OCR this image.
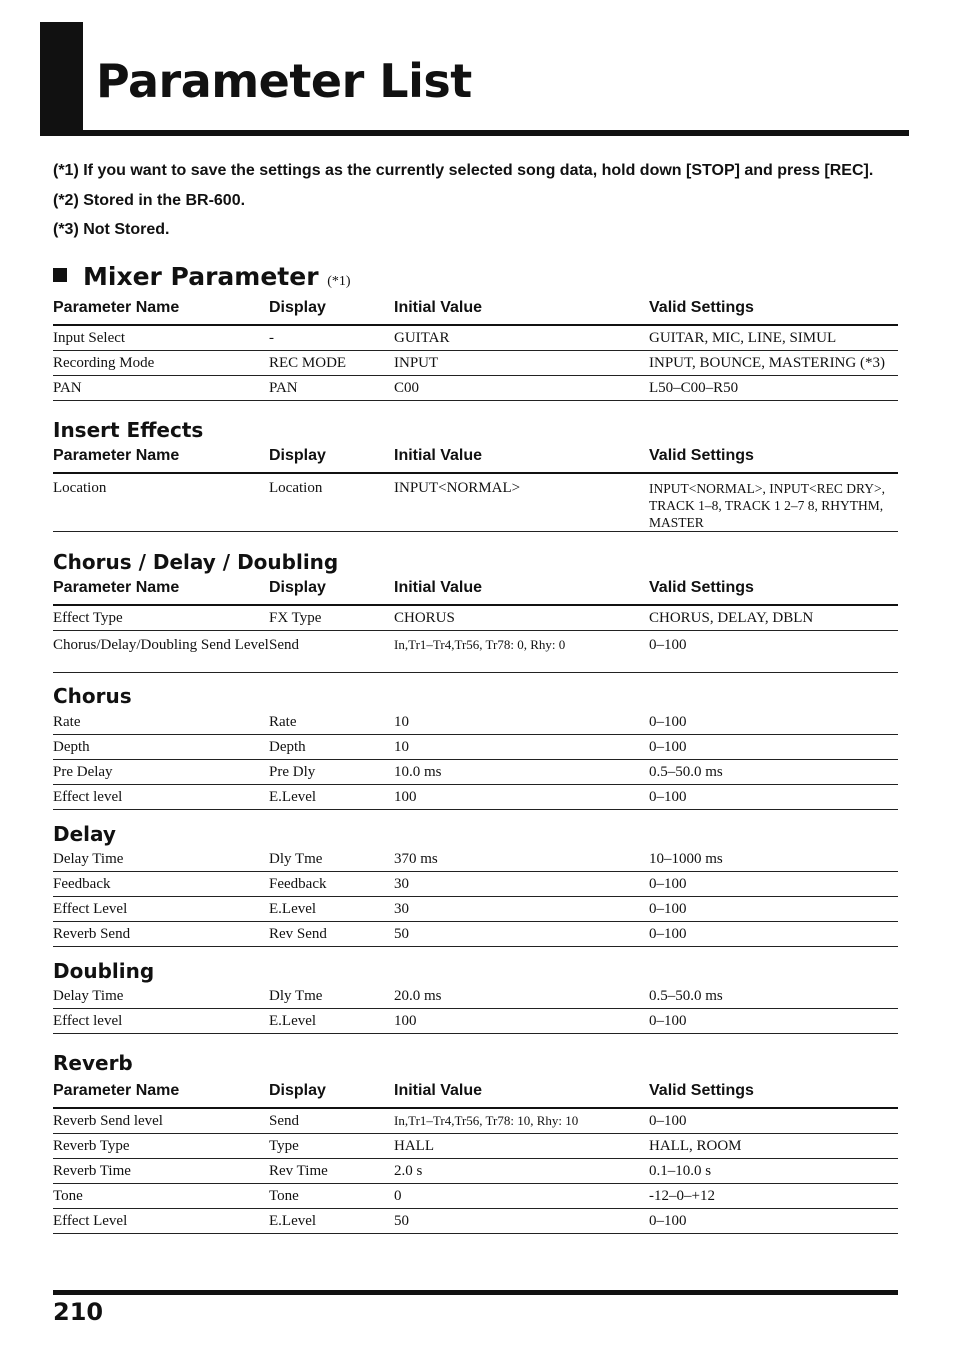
Parameter List
(*1) If you want to save the settings as the currently selected song data, hold down [STOP] and press [REC].
(*2) Stored in the BR-600.
(*3) Not Stored.
Mixer Parameter (*1)
Parameter Name	Display	Initial Value	Valid Settings
Input Select	-	GUITAR	GUITAR, MIC, LINE, SIMUL
Recording Mode	REC MODE	INPUT	INPUT, BOUNCE, MASTERING (*3)
PAN	PAN	C00	L50–C00–R50
Insert Effects
Parameter Name	Display	Initial Value	Valid Settings
Location	Location	INPUT<NORMAL>	INPUT<NORMAL>, INPUT<REC DRY>, TRACK 1–8, TRACK 1 2–7 8, RHYTHM, MASTER
Chorus / Delay / Doubling
Parameter Name	Display	Initial Value	Valid Settings
Effect Type	FX Type	CHORUS	CHORUS, DELAY, DBLN
Chorus/Delay/Doubling Send Level	Send	In,Tr1–Tr4,Tr56, Tr78: 0, Rhy: 0	0–100
Chorus
Rate	Rate	10	0–100
Depth	Depth	10	0–100
Pre Delay	Pre Dly	10.0 ms	0.5–50.0 ms
Effect level	E.Level	100	0–100
Delay
Delay Time	Dly Tme	370 ms	10–1000 ms
Feedback	Feedback	30	0–100
Effect Level	E.Level	30	0–100
Reverb Send	Rev Send	50	0–100
Doubling
Delay Time	Dly Tme	20.0 ms	0.5–50.0 ms
Effect level	E.Level	100	0–100
Reverb
Parameter Name	Display	Initial Value	Valid Settings
Reverb Send level	Send	In,Tr1–Tr4,Tr56, Tr78: 10, Rhy: 10	0–100
Reverb Type	Type	HALL	HALL, ROOM
Reverb Time	Rev Time	2.0 s	0.1–10.0 s
Tone	Tone	0	-12–0–+12
Effect Level	E.Level	50	0–100
210
